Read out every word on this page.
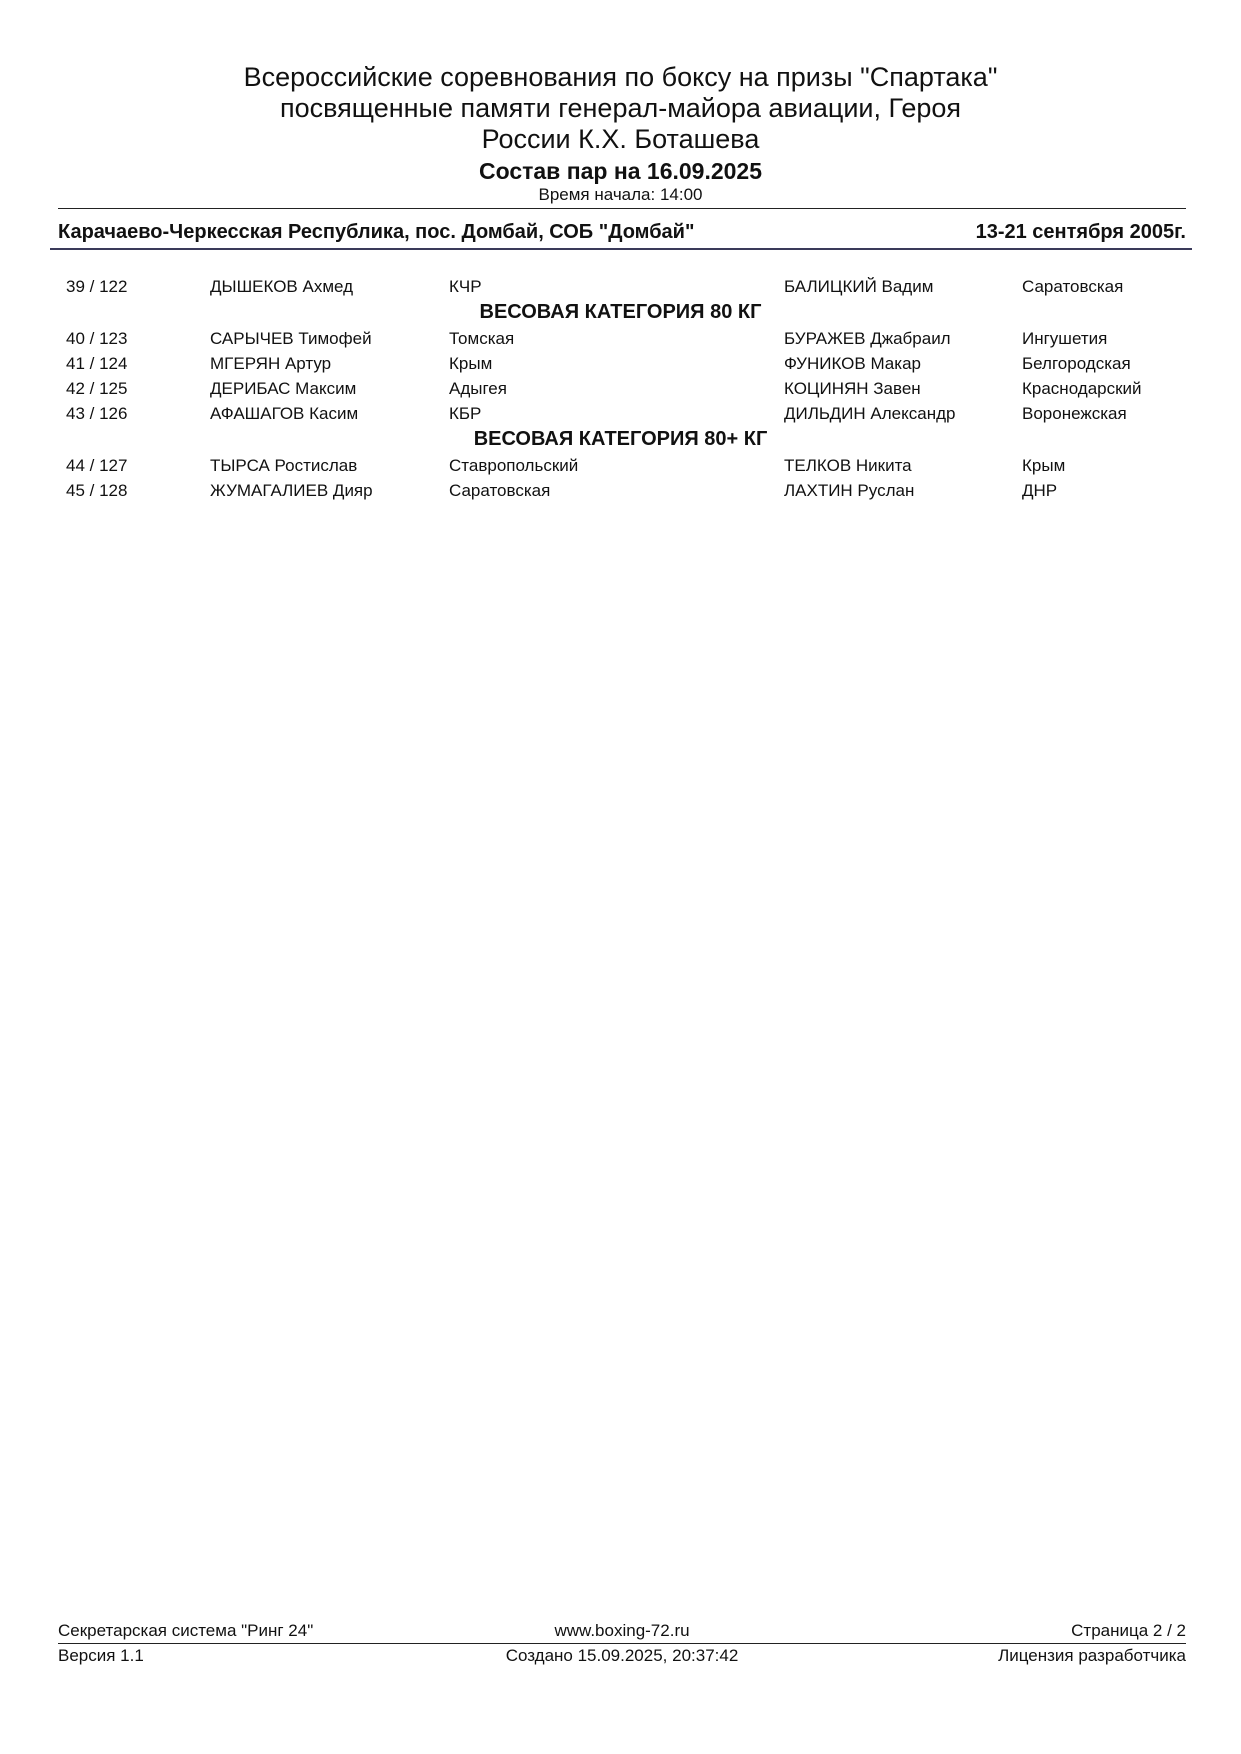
Всероссийские соревнования по боксу на призы "Спартака"
посвященные памяти генерал-майора авиации, Героя
России К.Х. Боташева
Состав пар на 16.09.2025
Время начала: 14:00
Карачаево-Черкесская Республика, пос. Домбай, СОБ "Домбай"	13-21 сентября 2005г.
39 / 122	ДЫШЕКОВ Ахмед	КЧР	БАЛИЦКИЙ Вадим	Саратовская
ВЕСОВАЯ КАТЕГОРИЯ 80 КГ
40 / 123	САРЫЧЕВ Тимофей	Томская	БУРАЖЕВ Джабраил	Ингушетия
41 / 124	МГЕРЯН Артур	Крым	ФУНИКОВ Макар	Белгородская
42 / 125	ДЕРИБАС Максим	Адыгея	КОЦИНЯН Завен	Краснодарский
43 / 126	АФАШАГОВ Касим	КБР	ДИЛЬДИН Александр	Воронежская
ВЕСОВАЯ КАТЕГОРИЯ 80+ КГ
44 / 127	ТЫРСА Ростислав	Ставропольский	ТЕЛКОВ Никита	Крым
45 / 128	ЖУМАГАЛИЕВ Дияр	Саратовская	ЛАХТИН Руслан	ДНР
Секретарская система "Ринг 24"	www.boxing-72.ru	Страница 2 / 2
Версия 1.1	Создано 15.09.2025, 20:37:42	Лицензия разработчика
